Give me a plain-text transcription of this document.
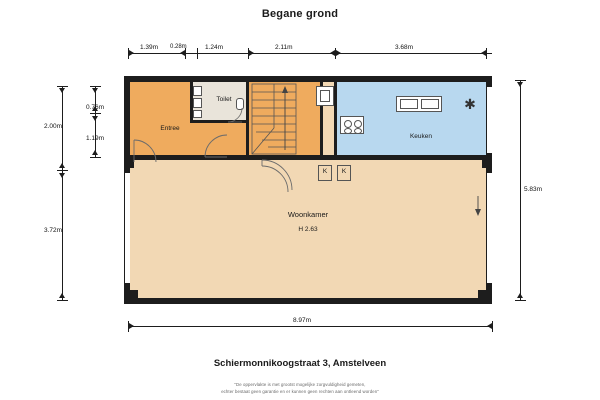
Begane grond
✱
K	K
Entree
Toilet
Keuken
Woonkamer
H 2.63
1.39m 0.28m	1.24m	2.11m	3.68m
8.97m
0.76m
1.19m
2.00m
3.72m
5.83m
Schiermonnikoogstraat 3, Amstelveen
"De oppervlakte is met grootst mogelijke zorgvuldigheid gemeten,
echter bestaat geen garantie en er kunnen geen rechten aan ontleend worden"
